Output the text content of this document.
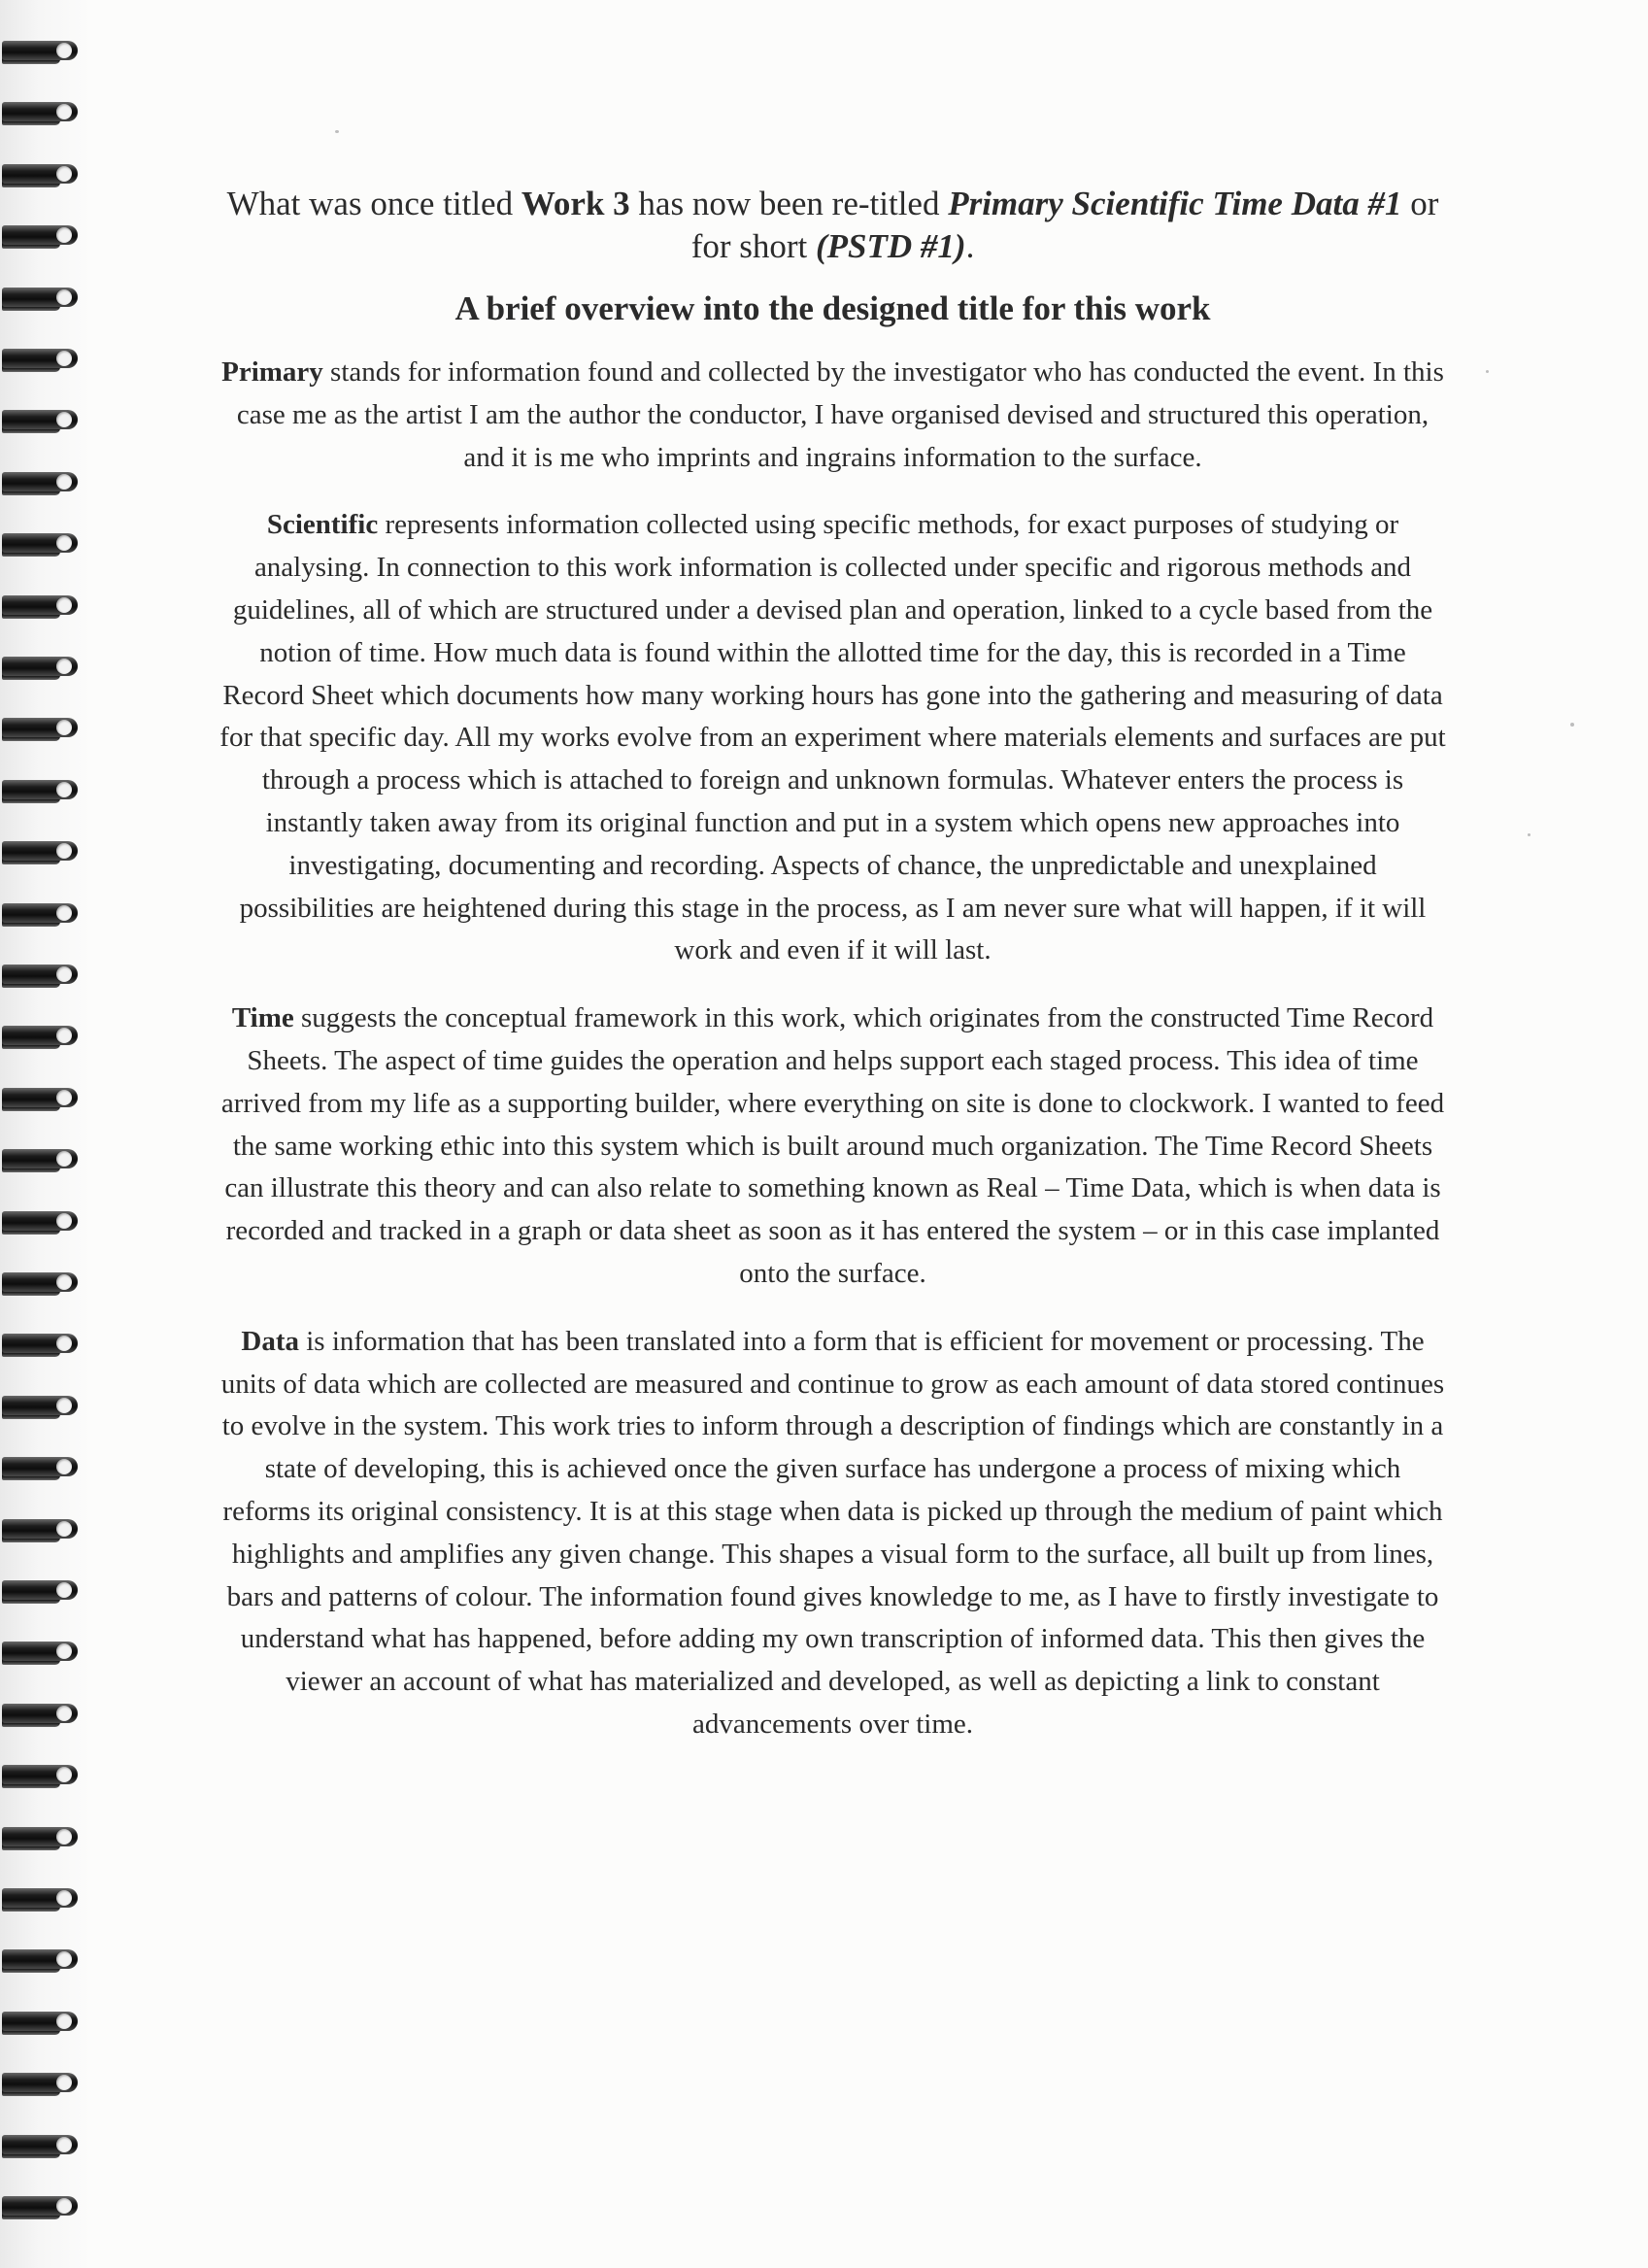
What was once titled Work 3 has now been re-titled Primary Scientific Time Data #1 or for short (PSTD #1).

A brief overview into the designed title for this work

Primary stands for information found and collected by the investigator who has conducted the event. In this case me as the artist I am the author the conductor, I have organised devised and structured this operation, and it is me who imprints and ingrains information to the surface.

Scientific represents information collected using specific methods, for exact purposes of studying or analysing. In connection to this work information is collected under specific and rigorous methods and guidelines, all of which are structured under a devised plan and operation, linked to a cycle based from the notion of time. How much data is found within the allotted time for the day, this is recorded in a Time Record Sheet which documents how many working hours has gone into the gathering and measuring of data for that specific day. All my works evolve from an experiment where materials elements and surfaces are put through a process which is attached to foreign and unknown formulas. Whatever enters the process is instantly taken away from its original function and put in a system which opens new approaches into investigating, documenting and recording. Aspects of chance, the unpredictable and unexplained possibilities are heightened during this stage in the process, as I am never sure what will happen, if it will work and even if it will last.

Time suggests the conceptual framework in this work, which originates from the constructed Time Record Sheets. The aspect of time guides the operation and helps support each staged process. This idea of time arrived from my life as a supporting builder, where everything on site is done to clockwork. I wanted to feed the same working ethic into this system which is built around much organization. The Time Record Sheets can illustrate this theory and can also relate to something known as Real – Time Data, which is when data is recorded and tracked in a graph or data sheet as soon as it has entered the system – or in this case implanted onto the surface.

Data is information that has been translated into a form that is efficient for movement or processing. The units of data which are collected are measured and continue to grow as each amount of data stored continues to evolve in the system. This work tries to inform through a description of findings which are constantly in a state of developing, this is achieved once the given surface has undergone a process of mixing which reforms its original consistency. It is at this stage when data is picked up through the medium of paint which highlights and amplifies any given change. This shapes a visual form to the surface, all built up from lines, bars and patterns of colour. The information found gives knowledge to me, as I have to firstly investigate to understand what has happened, before adding my own transcription of informed data. This then gives the viewer an account of what has materialized and developed, as well as depicting a link to constant advancements over time.
